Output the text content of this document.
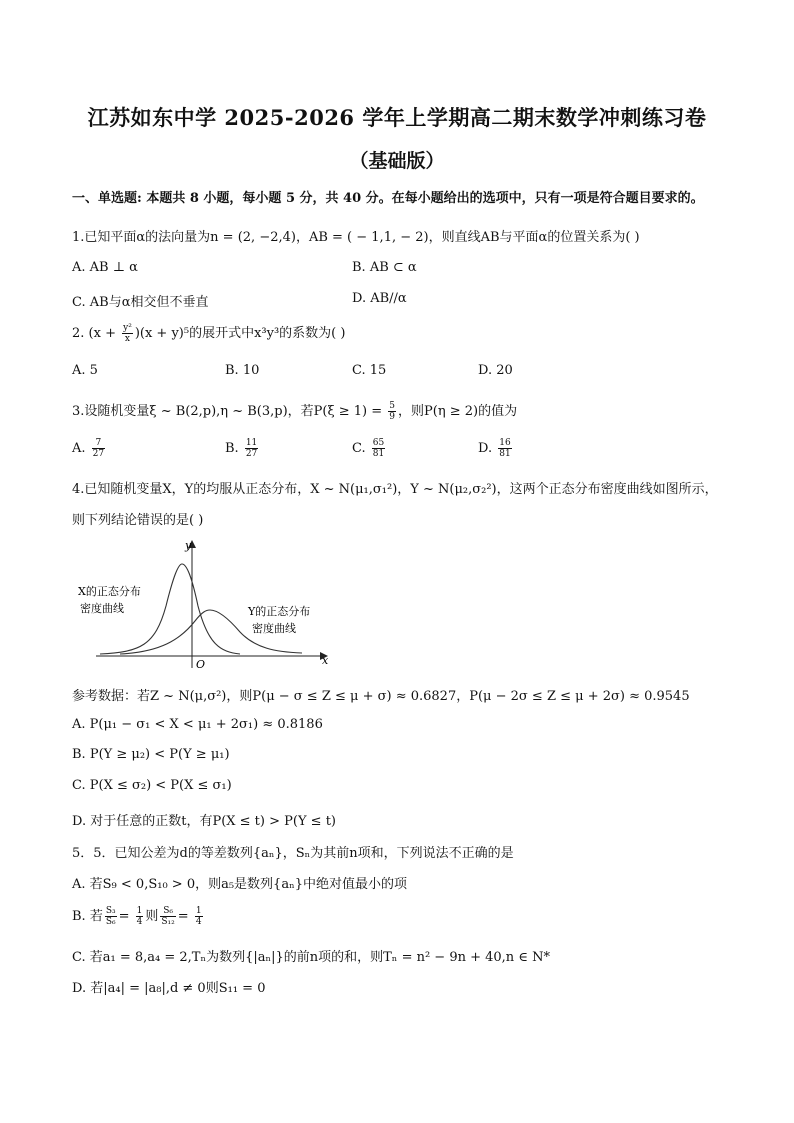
江苏如东中学 2025-2026 学年上学期高二期末数学冲刺练习卷
（基础版）
一、单选题: 本题共 8 小题，每小题 5 分，共 40 分。在每小题给出的选项中，只有一项是符合题目要求的。
1.已知平面α的法向量为n = (2, −2,4)，AB = ( − 1,1, − 2)，则直线AB与平面α的位置关系为( )
A. AB ⊥ α	B. AB ⊂ α
C. AB与α相交但不垂直	D. AB//α
2. $(x + \frac{\text{y²}}{x} )(x + y)^5$的展开式中x³y³的系数为( )
A. 5	B. 10	C. 15	D. 20
3.设随机变量ξ ~ B(2,p),η ~ B(3,p)，若$P(\xi \ge 1) = \frac{5}{9}$ ，则P(η ≥ 2)的值为
A. $\frac{7}{27}$	B. $\frac{11}{27}$	C. $\frac{65}{81}$	D. $\frac{16}{81}$
4.已知随机变量X，Y的均服从正态分布，X ~ N(μ₁,σ₁²)，Y ~ N(μ₂,σ₂²)，这两个正态分布密度曲线如图所示，
则下列结论错误的是( )
y
x
O
X的正态分布
密度曲线	Y的正态分布
密度曲线
参考数据：若Z ~ N(μ,σ²)，则P(μ − σ ≤ Z ≤ μ + σ) ≈ 0.6827，P(μ − 2σ ≤ Z ≤ μ + 2σ) ≈ 0.9545
A. P(μ₁ − σ₁ < X < μ₁ + 2σ₁) ≈ 0.8186
B. P(Y ≥ μ₂) < P(Y ≥ μ₁)
C. P(X ≤ σ₂) < P(X ≤ σ₁)
D. 对于任意的正数t，有P(X ≤ t) > P(Y ≤ t)
5．5．已知公差为d的等差数列{aₙ}，Sₙ为其前n项和，下列说法不正确的是
A. 若S₉ < 0,S₁₀ > 0，则a₅是数列{aₙ}中绝对值最小的项
B. 若 $\frac{\text{S₃}}{\text{S₆}} = \frac{1}{4}$ 则 $\frac{\text{S₆}}{\text{S₁₂}} = \frac{1}{4}$
C. 若a₁ = 8,a₄ = 2,Tₙ为数列{|aₙ|}的前n项的和，则Tₙ = n² − 9n + 40,n ∈ N*
D. 若|a₄| = |a₈|,d ≠ 0则S₁₁ = 0
